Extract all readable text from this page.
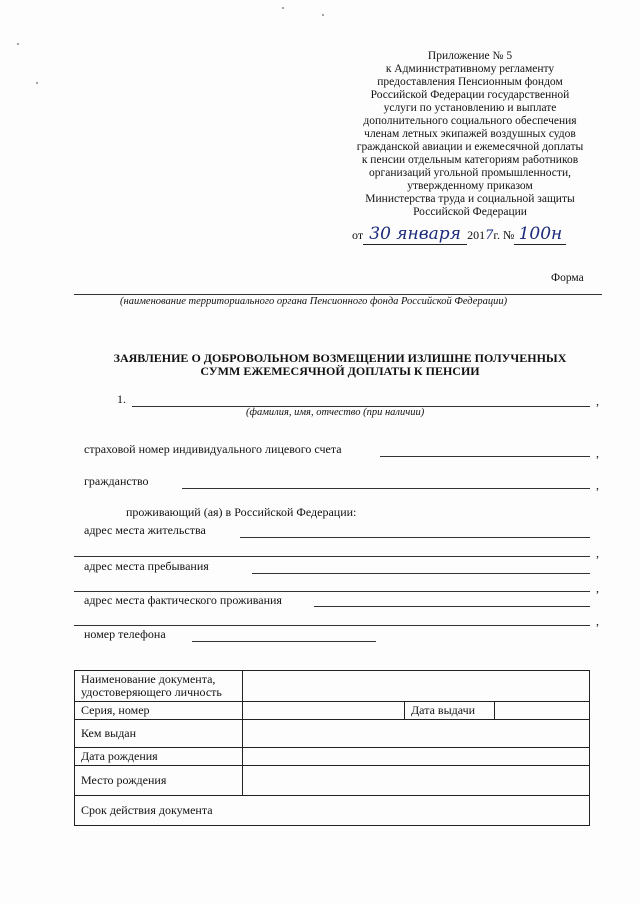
Приложение № 5
к Административному регламенту
предоставления Пенсионным фондом
Российской Федерации государственной
услуги по установлению и выплате
дополнительного социального обеспечения
членам летных экипажей воздушных судов
гражданской авиации и ежемесячной доплаты
к пенсии отдельным категориям работников
организаций угольной промышленности,
утвержденному приказом
Министерства труда и социальной защиты
Российской Федерации
от 30 января 2017г. № 100н
Форма
(наименование территориального органа Пенсионного фонда Российской Федерации)
ЗАЯВЛЕНИЕ О ДОБРОВОЛЬНОМ ВОЗМЕЩЕНИИ ИЗЛИШНЕ ПОЛУЧЕННЫХ
СУММ ЕЖЕМЕСЯЧНОЙ ДОПЛАТЫ К ПЕНСИИ
1.	,
(фамилия, имя, отчество (при наличии)
страховой номер индивидуального лицевого счета	,
гражданство	,
проживающий (ая) в Российской Федерации:
адрес места жительства
,
адрес места пребывания
,
адрес места фактического проживания
,
номер телефона
Наименование документа,
удостоверяющего личность			

Серия, номер		Дата выдачи	
Кем выдан			
Дата рождения			
Место рождения			
Срок действия документа			
